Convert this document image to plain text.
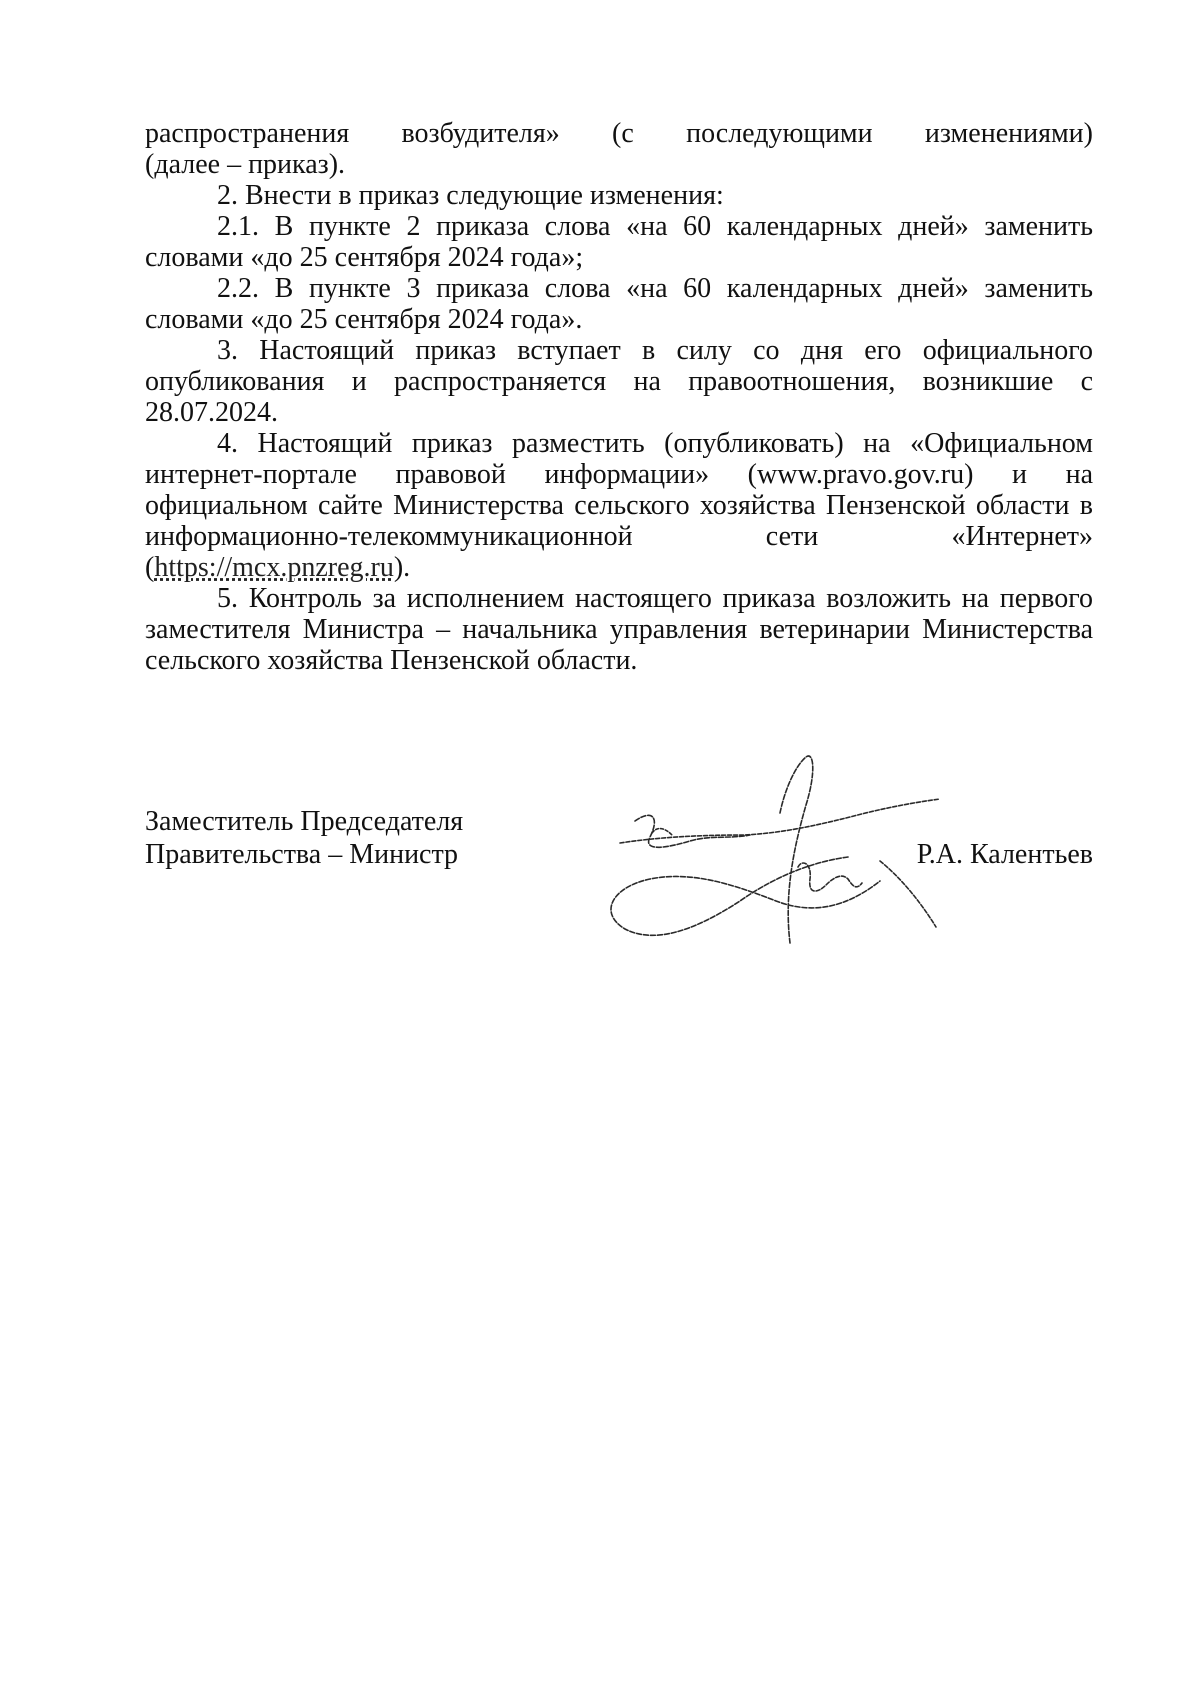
распространения возбудителя» (с последующими изменениями)
(далее – приказ).

2. Внести в приказ следующие изменения:

2.1. В пункте 2 приказа слова «на 60 календарных дней» заменить словами «до 25 сентября 2024 года»;

2.2. В пункте 3 приказа слова «на 60 календарных дней» заменить словами «до 25 сентября 2024 года».

3. Настоящий приказ вступает в силу со дня его официального опубликования и распространяется на правоотношения, возникшие с 28.07.2024.

4. Настоящий приказ разместить (опубликовать) на «Официальном интернет-портале правовой информации» (www.pravo.gov.ru) и на официальном сайте Министерства сельского хозяйства Пензенской области в информационно-телекоммуникационной сети «Интернет» (https://mcx.pnzreg.ru).

5. Контроль за исполнением настоящего приказа возложить на первого заместителя Министра – начальника управления ветеринарии Министерства сельского хозяйства Пензенской области.

Заместитель Председателя
Правительства – Министр	Р.А. Калентьев
